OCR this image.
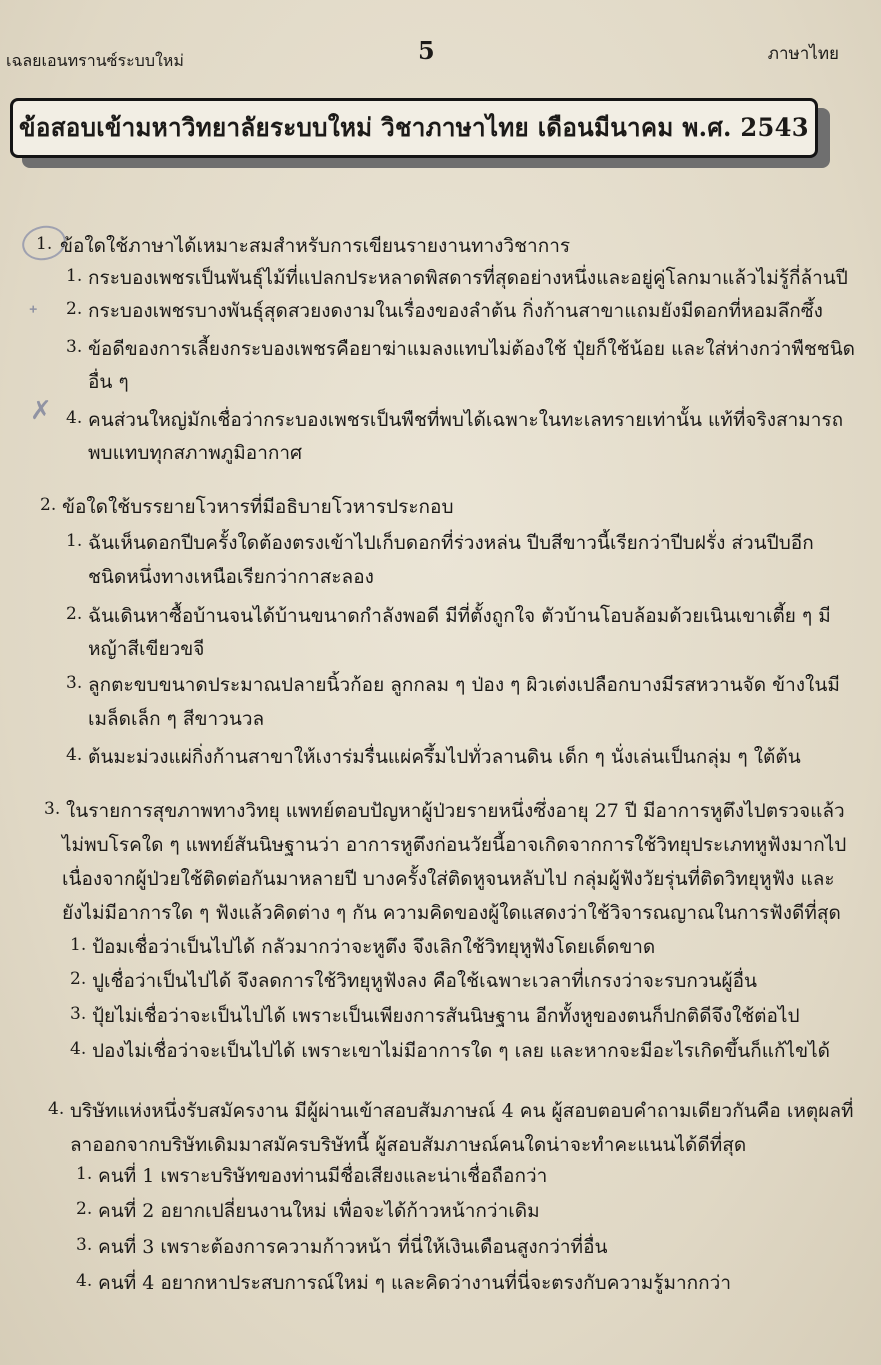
เฉลยเอนทรานซ์ระบบใหม่	5	ภาษาไทย
ข้อสอบเข้ามหาวิทยาลัยระบบใหม่ วิชาภาษาไทย เดือนมีนาคม พ.ศ. 2543
ᐩ
✗
1. ข้อใดใช้ภาษาได้เหมาะสมสำหรับการเขียนรายงานทางวิชาการ
1. กระบองเพชรเป็นพันธุ์ไม้ที่แปลกประหลาดพิสดารที่สุดอย่างหนึ่งและอยู่คู่โลกมาแล้วไม่รู้กี่ล้านปี
2. กระบองเพชรบางพันธุ์สุดสวยงดงามในเรื่องของลำต้น กิ่งก้านสาขาแถมยังมีดอกที่หอมลึกซึ้ง
3. ข้อดีของการเลี้ยงกระบองเพชรคือยาฆ่าแมลงแทบไม่ต้องใช้ ปุ๋ยก็ใช้น้อย และใส่ห่างกว่าพืชชนิด
อื่น ๆ
4. คนส่วนใหญ่มักเชื่อว่ากระบองเพชรเป็นพืชที่พบได้เฉพาะในทะเลทรายเท่านั้น แท้ที่จริงสามารถ
พบแทบทุกสภาพภูมิอากาศ
2. ข้อใดใช้บรรยายโวหารที่มีอธิบายโวหารประกอบ
1. ฉันเห็นดอกปีบครั้งใดต้องตรงเข้าไปเก็บดอกที่ร่วงหล่น ปีบสีขาวนี้เรียกว่าปีบฝรั่ง ส่วนปีบอีก
ชนิดหนึ่งทางเหนือเรียกว่ากาสะลอง
2. ฉันเดินหาซื้อบ้านจนได้บ้านขนาดกำลังพอดี มีที่ตั้งถูกใจ ตัวบ้านโอบล้อมด้วยเนินเขาเตี้ย ๆ มี
หญ้าสีเขียวขจี
3. ลูกตะขบขนาดประมาณปลายนิ้วก้อย ลูกกลม ๆ ป่อง ๆ ผิวเต่งเปลือกบางมีรสหวานจัด ข้างในมี
เมล็ดเล็ก ๆ สีขาวนวล
4. ต้นมะม่วงแผ่กิ่งก้านสาขาให้เงาร่มรื่นแผ่ครึ้มไปทั่วลานดิน เด็ก ๆ นั่งเล่นเป็นกลุ่ม ๆ ใต้ต้น
3. ในรายการสุขภาพทางวิทยุ แพทย์ตอบปัญหาผู้ป่วยรายหนึ่งซึ่งอายุ 27 ปี มีอาการหูตึงไปตรวจแล้ว
ไม่พบโรคใด ๆ แพทย์สันนิษฐานว่า อาการหูตึงก่อนวัยนี้อาจเกิดจากการใช้วิทยุประเภทหูฟังมากไป
เนื่องจากผู้ป่วยใช้ติดต่อกันมาหลายปี บางครั้งใส่ติดหูจนหลับไป กลุ่มผู้ฟังวัยรุ่นที่ติดวิทยุหูฟัง และ
ยังไม่มีอาการใด ๆ ฟังแล้วคิดต่าง ๆ กัน ความคิดของผู้ใดแสดงว่าใช้วิจารณญาณในการฟังดีที่สุด
1. ป้อมเชื่อว่าเป็นไปได้ กลัวมากว่าจะหูตึง จึงเลิกใช้วิทยุหูฟังโดยเด็ดขาด
2. ปูเชื่อว่าเป็นไปได้ จึงลดการใช้วิทยุหูฟังลง คือใช้เฉพาะเวลาที่เกรงว่าจะรบกวนผู้อื่น
3. ปุ้ยไม่เชื่อว่าจะเป็นไปได้ เพราะเป็นเพียงการสันนิษฐาน อีกทั้งหูของตนก็ปกติดีจึงใช้ต่อไป
4. ปองไม่เชื่อว่าจะเป็นไปได้ เพราะเขาไม่มีอาการใด ๆ เลย และหากจะมีอะไรเกิดขึ้นก็แก้ไขได้
4. บริษัทแห่งหนึ่งรับสมัครงาน มีผู้ผ่านเข้าสอบสัมภาษณ์ 4 คน ผู้สอบตอบคำถามเดียวกันคือ เหตุผลที่
ลาออกจากบริษัทเดิมมาสมัครบริษัทนี้ ผู้สอบสัมภาษณ์คนใดน่าจะทำคะแนนได้ดีที่สุด
1. คนที่ 1 เพราะบริษัทของท่านมีชื่อเสียงและน่าเชื่อถือกว่า
2. คนที่ 2 อยากเปลี่ยนงานใหม่ เพื่อจะได้ก้าวหน้ากว่าเดิม
3. คนที่ 3 เพราะต้องการความก้าวหน้า ที่นี่ให้เงินเดือนสูงกว่าที่อื่น
4. คนที่ 4 อยากหาประสบการณ์ใหม่ ๆ และคิดว่างานที่นี่จะตรงกับความรู้มากกว่า
